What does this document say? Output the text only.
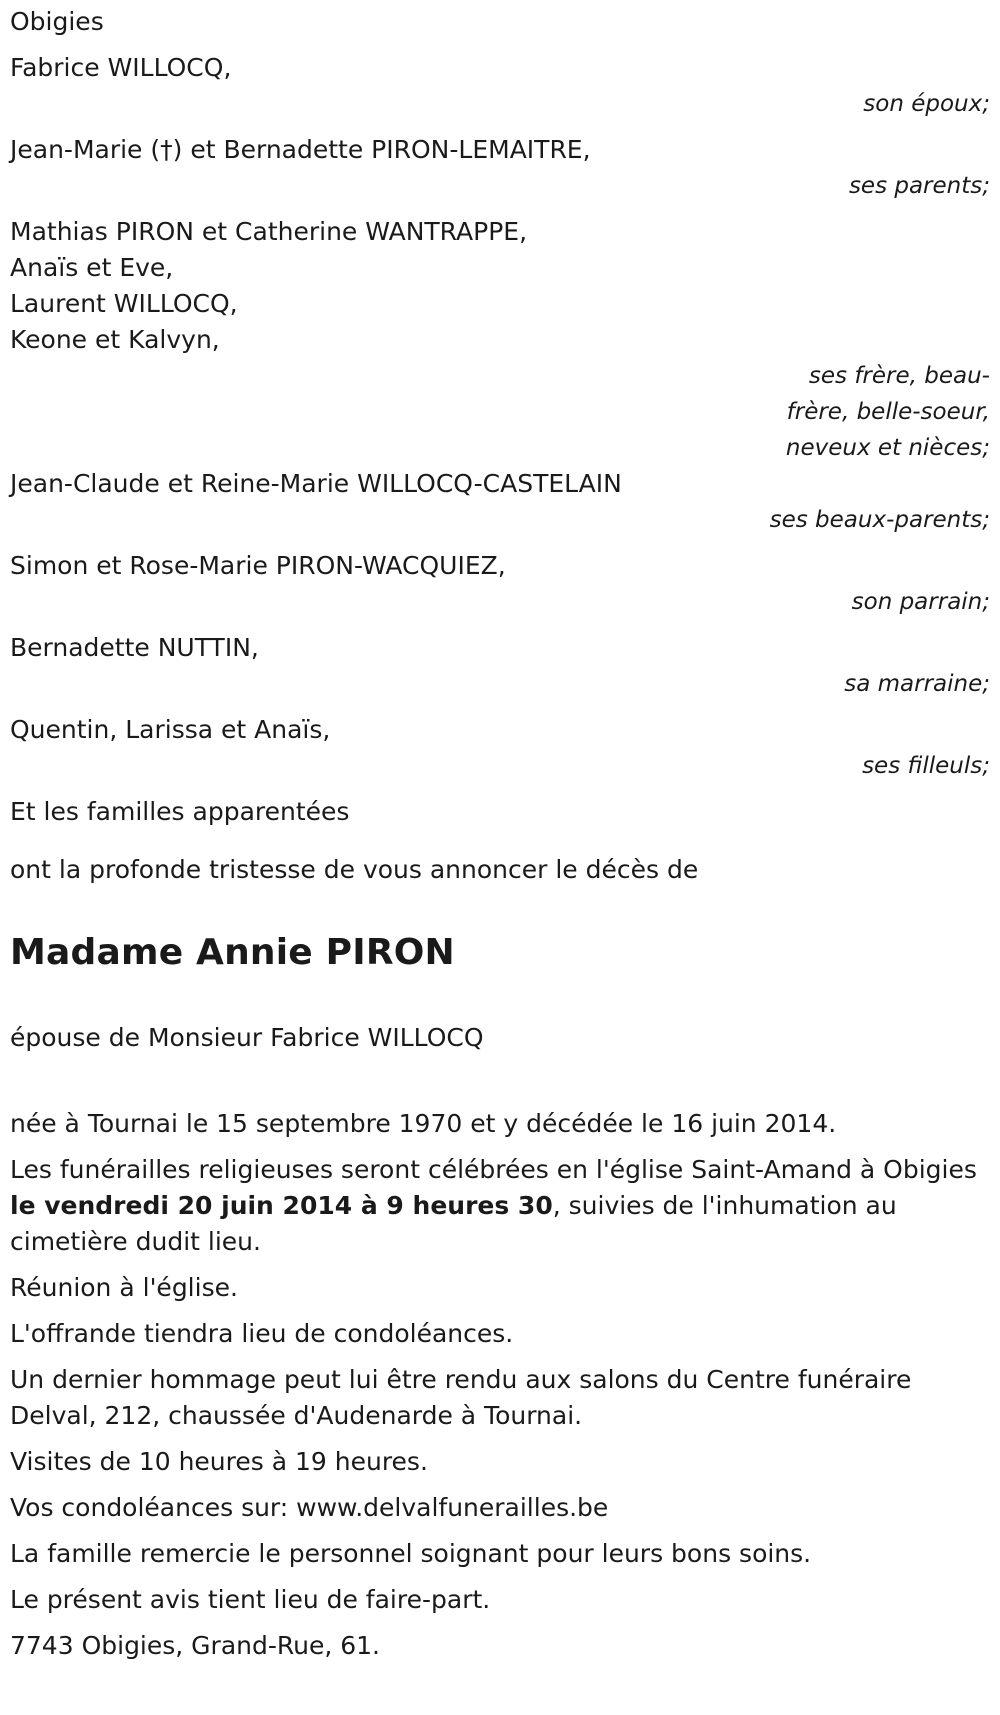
Obigies

Fabrice WILLOCQ,
son époux;
Jean-Marie (†) et Bernadette PIRON-LEMAITRE,
ses parents;
Mathias PIRON et Catherine WANTRAPPE,
Anaïs et Eve,
Laurent WILLOCQ,
Keone et Kalvyn,
ses frère, beau-frère, belle-soeur, neveux et nièces;
Jean-Claude et Reine-Marie WILLOCQ-CASTELAIN
ses beaux-parents;
Simon et Rose-Marie PIRON-WACQUIEZ,
son parrain;
Bernadette NUTTIN,
sa marraine;
Quentin, Larissa et Anaïs,
ses filleuls;

Et les familles apparentées

ont la profonde tristesse de vous annoncer le décès de

Madame Annie PIRON

épouse de Monsieur Fabrice WILLOCQ

née à Tournai le 15 septembre 1970 et y décédée le 16 juin 2014.

Les funérailles religieuses seront célébrées en l'église Saint-Amand à Obigies le vendredi 20 juin 2014 à 9 heures 30, suivies de l'inhumation au cimetière dudit lieu.

Réunion à l'église.

L'offrande tiendra lieu de condoléances.

Un dernier hommage peut lui être rendu aux salons du Centre funéraire Delval, 212, chaussée d'Audenarde à Tournai.

Visites de 10 heures à 19 heures.

Vos condoléances sur: www.delvalfunerailles.be

La famille remercie le personnel soignant pour leurs bons soins.

Le présent avis tient lieu de faire-part.

7743 Obigies, Grand-Rue, 61.
